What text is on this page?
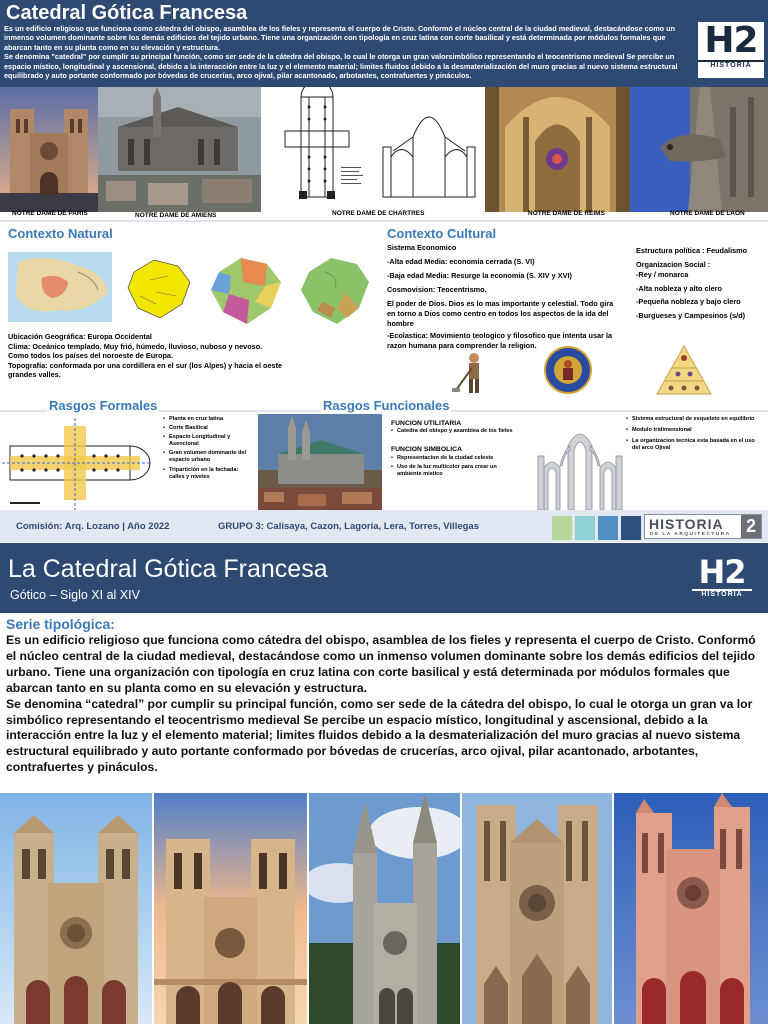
Catedral Gótica Francesa
Es un edificio religioso que funciona como cátedra del obispo, asamblea de los fieles y representa el cuerpo de Cristo. Conformó el núcleo central de la ciudad medieval, destacándose como un inmenso volumen dominante sobre los demás edificios del tejido urbano. Tiene una organización con tipología en cruz latina con corte basilical y está determinada por módulos formales que abarcan tanto en su planta como en su elevación y estructura.
Se denomina "catedral" por cumplir su principal función, como ser sede de la cátedra del obispo, lo cual le otorga un gran valorsimbólico representando el teocentrismo medieval Se percibe un espacio místico, longitudinal y ascensional, debido a la interacción entre la luz y el elemento material; limites fluidos debido a la desmaterialización del muro gracias al nuevo sistema estructural equilibrado y auto portante conformado por bóvedas de crucerías, arco ojival, pilar acantonado, arbotantes, contrafuertes y pináculos.
H2
HISTORIA
NOTRE DAME DE PARIS	NOTRE DAME DE AMIENS	NOTRE DAME DE CHARTRES	NOTRE DAME DE REIMS	NOTRE DAME DE LAON
Contexto Natural
Ubicación Geográfica: Europa Occidental
Clima: Oceánico templado. Muy frió, húmedo, lluvioso, nuboso y nevoso.
Como todos los países del noroeste de Europa.
Topografía: conformada por una cordillera en el sur (los Alpes) y hacia el oeste grandes valles.
Contexto Cultural
Sistema Economico
-Alta edad Media: economia cerrada (S. VI)
-Baja edad Media: Resurge la economia (S. XIV y XVI)
Cosmovision: Teocentrismo.
El poder de Dios. Dios es lo mas importante y celestial. Todo gira en torno a Dios como centro en todos los aspectos de la ida del hombre
-Ecolastica: Movimiento teologico y filosofico que intenta usar la razon humana para comprender la religion.
Estructura política : Feudalismo
Organizacion Social :
-Rey / monarca
-Alta nobleza y alto clero
-Pequeña nobleza y bajo clero
-Burgueses y Campesinos (s/d)
Rasgos Formales	Rasgos Funcionales
• Planta en cruz latina
• Corte Basilical
• Espacio Longitudinal y Asencional
• Gran volumen dominante del espacio urbano
• Triparticiòn en la fachada: calles y niveles
FUNCION UTILITARIA
• Catedra del obispo y asamblea de los fieles
FUNCION SIMBOLICA
• Representacion de la ciudad celeste
• Uso de la luz multicolor para crear un ambiente mistico
• Sistema estructural de esqueleto en equilibrio
• Modulo tridimensional
• La organizacion tecnica esta basada en el uso del arco Ojival
Comisión: Arq. Lozano | Año 2022	GRUPO 3: Calisaya, Cazon, Lagoria, Lera, Torres, Villegas	HISTORIA
DE LA ARQUITECTURA 2
La Catedral Gótica Francesa
Gótico – Siglo XI al XIV
H2
HISTORIA
Serie tipológica:
Es un edificio religioso que funciona como cátedra del obispo, asamblea de los fieles y representa el cuerpo de Cristo. Conformó el núcleo central de la ciudad medieval, destacándose como un inmenso volumen dominante sobre los demás edificios del tejido urbano. Tiene una organización con tipología en cruz latina con corte basilical y está determinada por módulos formales que abarcan tanto en su planta como en su elevación y estructura.
Se denomina “catedral” por cumplir su principal función, como ser sede de la cátedra del obispo, lo cual le otorga un gran va lor simbólico representando el teocentrismo medieval Se percibe un espacio místico, longitudinal y ascensional, debido a la interacción entre la luz y el elemento material; limites fluidos debido a la desmaterialización del muro gracias al nuevo sistema estructural equilibrado y auto portante conformado por bóvedas de crucerías, arco ojival, pilar acantonado, arbotantes, contrafuertes y pináculos.
